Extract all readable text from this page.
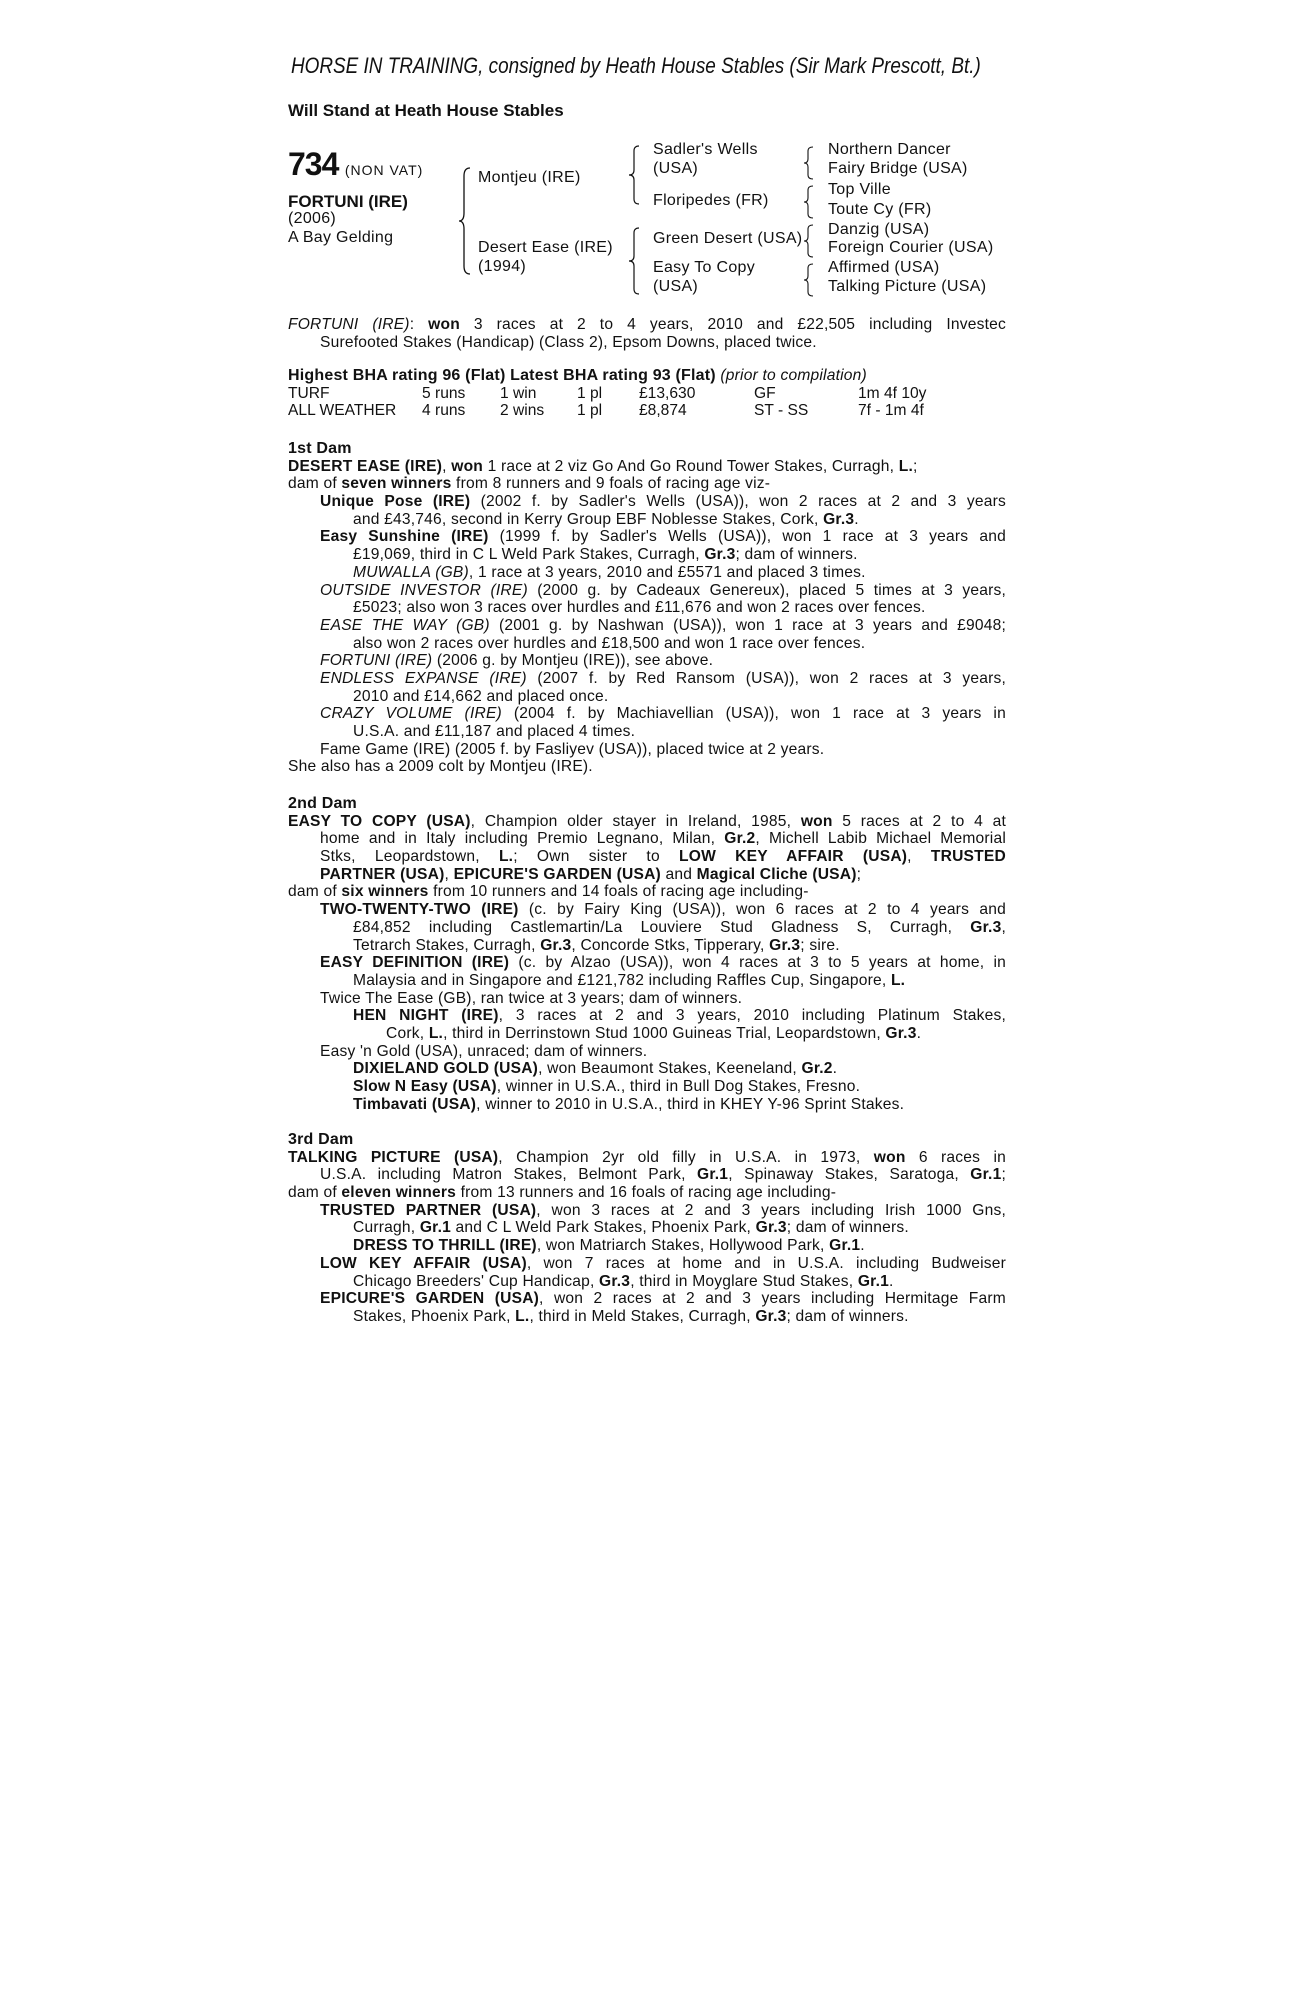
HORSE IN TRAINING, consigned by Heath House Stables (Sir Mark Prescott, Bt.)
Will Stand at Heath House Stables
734 (NON VAT)
FORTUNI (IRE)
(2006)
A Bay Gelding
Montjeu (IRE)
Desert Ease (IRE)
(1994)
Sadler's Wells
(USA)
Floripedes (FR)
Green Desert (USA)
Easy To Copy
(USA)
Northern Dancer
Fairy Bridge (USA)
Top Ville
Toute Cy (FR)
Danzig (USA)
Foreign Courier (USA)
Affirmed (USA)
Talking Picture (USA)
FORTUNI (IRE): won 3 races at 2 to 4 years, 2010 and £22,505 including Investec
Surefooted Stakes (Handicap) (Class 2), Epsom Downs, placed twice.
Highest BHA rating 96 (Flat) Latest BHA rating 93 (Flat) (prior to compilation)
TURF	5 runs	1 win	1 pl	£13,630	GF	1m 4f 10y
ALL WEATHER	4 runs	2 wins	1 pl	£8,874	ST - SS	7f - 1m 4f
1st Dam
DESERT EASE (IRE), won 1 race at 2 viz Go And Go Round Tower Stakes, Curragh, L.;
dam of seven winners from 8 runners and 9 foals of racing age viz-
Unique Pose (IRE) (2002 f. by Sadler's Wells (USA)), won 2 races at 2 and 3 years
and £43,746, second in Kerry Group EBF Noblesse Stakes, Cork, Gr.3.
Easy Sunshine (IRE) (1999 f. by Sadler's Wells (USA)), won 1 race at 3 years and
£19,069, third in C L Weld Park Stakes, Curragh, Gr.3; dam of winners.
MUWALLA (GB), 1 race at 3 years, 2010 and £5571 and placed 3 times.
OUTSIDE INVESTOR (IRE) (2000 g. by Cadeaux Genereux), placed 5 times at 3 years,
£5023; also won 3 races over hurdles and £11,676 and won 2 races over fences.
EASE THE WAY (GB) (2001 g. by Nashwan (USA)), won 1 race at 3 years and £9048;
also won 2 races over hurdles and £18,500 and won 1 race over fences.
FORTUNI (IRE) (2006 g. by Montjeu (IRE)), see above.
ENDLESS EXPANSE (IRE) (2007 f. by Red Ransom (USA)), won 2 races at 3 years,
2010 and £14,662 and placed once.
CRAZY VOLUME (IRE) (2004 f. by Machiavellian (USA)), won 1 race at 3 years in
U.S.A. and £11,187 and placed 4 times.
Fame Game (IRE) (2005 f. by Fasliyev (USA)), placed twice at 2 years.
She also has a 2009 colt by Montjeu (IRE).
2nd Dam
EASY TO COPY (USA), Champion older stayer in Ireland, 1985, won 5 races at 2 to 4 at
home and in Italy including Premio Legnano, Milan, Gr.2, Michell Labib Michael Memorial
Stks, Leopardstown, L.; Own sister to LOW KEY AFFAIR (USA), TRUSTED
PARTNER (USA), EPICURE'S GARDEN (USA) and Magical Cliche (USA);
dam of six winners from 10 runners and 14 foals of racing age including-
TWO-TWENTY-TWO (IRE) (c. by Fairy King (USA)), won 6 races at 2 to 4 years and
£84,852 including Castlemartin/La Louviere Stud Gladness S, Curragh, Gr.3,
Tetrarch Stakes, Curragh, Gr.3, Concorde Stks, Tipperary, Gr.3; sire.
EASY DEFINITION (IRE) (c. by Alzao (USA)), won 4 races at 3 to 5 years at home, in
Malaysia and in Singapore and £121,782 including Raffles Cup, Singapore, L.
Twice The Ease (GB), ran twice at 3 years; dam of winners.
HEN NIGHT (IRE), 3 races at 2 and 3 years, 2010 including Platinum Stakes,
Cork, L., third in Derrinstown Stud 1000 Guineas Trial, Leopardstown, Gr.3.
Easy 'n Gold (USA), unraced; dam of winners.
DIXIELAND GOLD (USA), won Beaumont Stakes, Keeneland, Gr.2.
Slow N Easy (USA), winner in U.S.A., third in Bull Dog Stakes, Fresno.
Timbavati (USA), winner to 2010 in U.S.A., third in KHEY Y-96 Sprint Stakes.
3rd Dam
TALKING PICTURE (USA), Champion 2yr old filly in U.S.A. in 1973, won 6 races in
U.S.A. including Matron Stakes, Belmont Park, Gr.1, Spinaway Stakes, Saratoga, Gr.1;
dam of eleven winners from 13 runners and 16 foals of racing age including-
TRUSTED PARTNER (USA), won 3 races at 2 and 3 years including Irish 1000 Gns,
Curragh, Gr.1 and C L Weld Park Stakes, Phoenix Park, Gr.3; dam of winners.
DRESS TO THRILL (IRE), won Matriarch Stakes, Hollywood Park, Gr.1.
LOW KEY AFFAIR (USA), won 7 races at home and in U.S.A. including Budweiser
Chicago Breeders' Cup Handicap, Gr.3, third in Moyglare Stud Stakes, Gr.1.
EPICURE'S GARDEN (USA), won 2 races at 2 and 3 years including Hermitage Farm
Stakes, Phoenix Park, L., third in Meld Stakes, Curragh, Gr.3; dam of winners.
